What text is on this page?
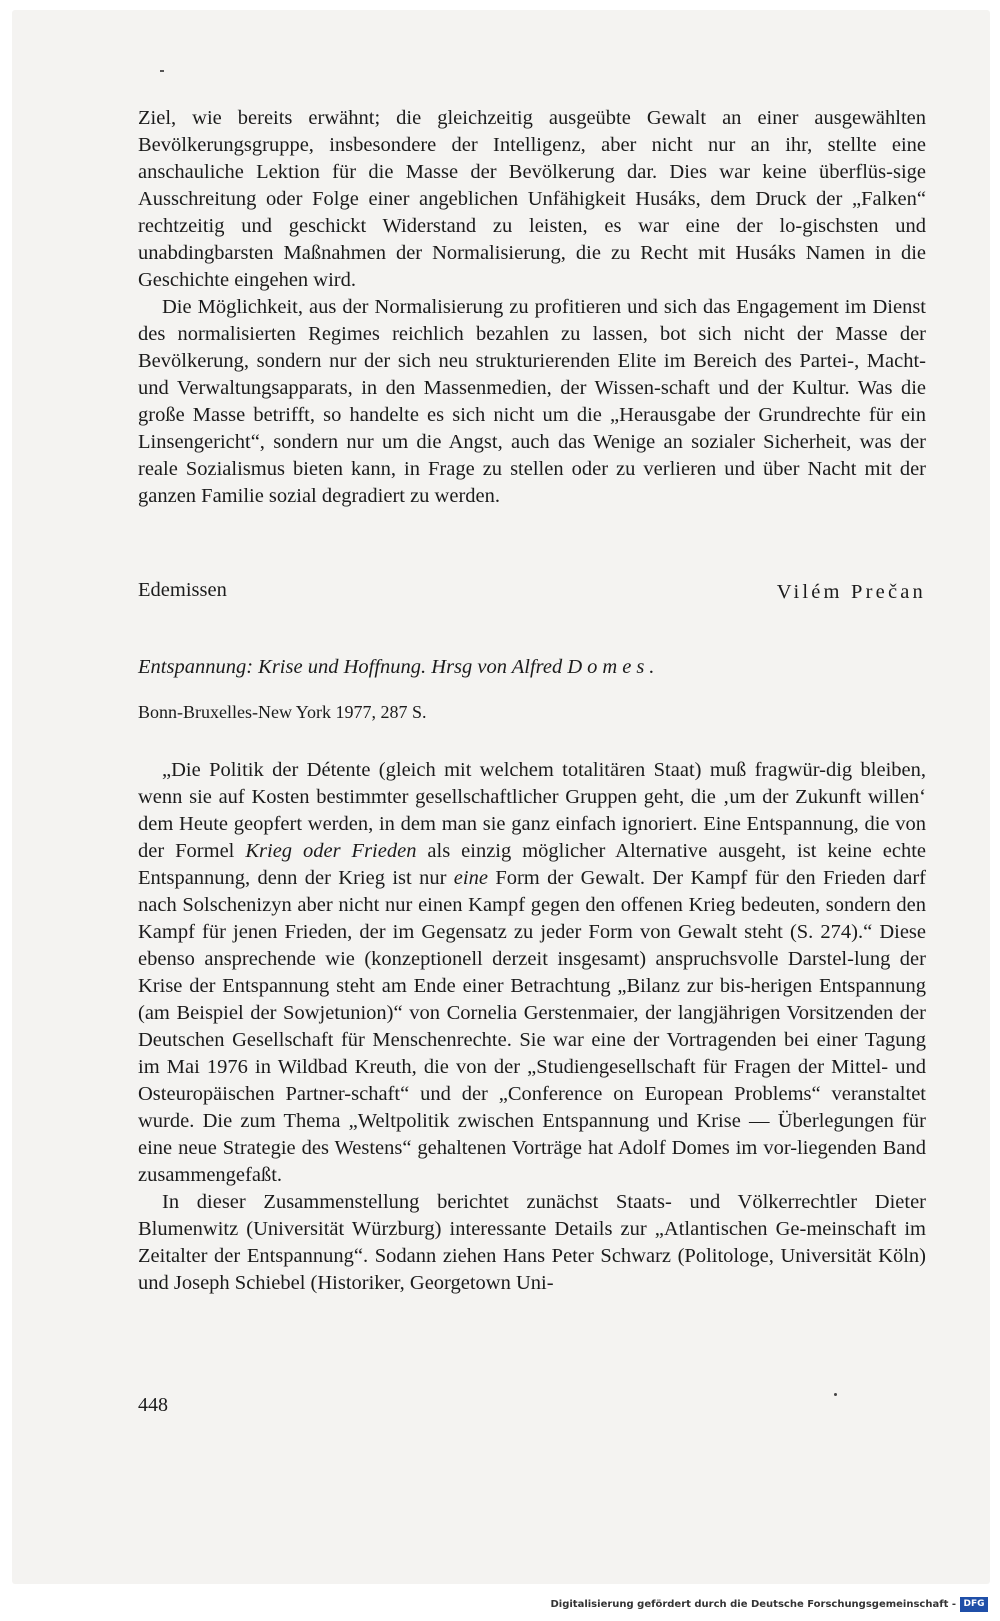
Ziel, wie bereits erwähnt; die gleichzeitig ausgeübte Gewalt an einer ausgewählten Bevölkerungsgruppe, insbesondere der Intelligenz, aber nicht nur an ihr, stellte eine anschauliche Lektion für die Masse der Bevölkerung dar. Dies war keine überflüs-sige Ausschreitung oder Folge einer angeblichen Unfähigkeit Husáks, dem Druck der „Falken“ rechtzeitig und geschickt Widerstand zu leisten, es war eine der lo-gischsten und unabdingbarsten Maßnahmen der Normalisierung, die zu Recht mit Husáks Namen in die Geschichte eingehen wird.

Die Möglichkeit, aus der Normalisierung zu profitieren und sich das Engagement im Dienst des normalisierten Regimes reichlich bezahlen zu lassen, bot sich nicht der Masse der Bevölkerung, sondern nur der sich neu strukturierenden Elite im Bereich des Partei-, Macht- und Verwaltungsapparats, in den Massenmedien, der Wissen-schaft und der Kultur. Was die große Masse betrifft, so handelte es sich nicht um die „Herausgabe der Grundrechte für ein Linsengericht“, sondern nur um die Angst, auch das Wenige an sozialer Sicherheit, was der reale Sozialismus bieten kann, in Frage zu stellen oder zu verlieren und über Nacht mit der ganzen Familie sozial degradiert zu werden.

Edemissen	Vilém Prečan
Entspannung: Krise und Hoffnung. Hrsg von Alfred Domes.
Bonn-Bruxelles-New York 1977, 287 S.

„Die Politik der Détente (gleich mit welchem totalitären Staat) muß fragwür-dig bleiben, wenn sie auf Kosten bestimmter gesellschaftlicher Gruppen geht, die ‚um der Zukunft willen‘ dem Heute geopfert werden, in dem man sie ganz einfach ignoriert. Eine Entspannung, die von der Formel Krieg oder Frieden als einzig möglicher Alternative ausgeht, ist keine echte Entspannung, denn der Krieg ist nur eine Form der Gewalt. Der Kampf für den Frieden darf nach Solschenizyn aber nicht nur einen Kampf gegen den offenen Krieg bedeuten, sondern den Kampf für jenen Frieden, der im Gegensatz zu jeder Form von Gewalt steht (S. 274).“ Diese ebenso ansprechende wie (konzeptionell derzeit insgesamt) anspruchsvolle Darstel-lung der Krise der Entspannung steht am Ende einer Betrachtung „Bilanz zur bis-herigen Entspannung (am Beispiel der Sowjetunion)“ von Cornelia Gerstenmaier, der langjährigen Vorsitzenden der Deutschen Gesellschaft für Menschenrechte. Sie war eine der Vortragenden bei einer Tagung im Mai 1976 in Wildbad Kreuth, die von der „Studiengesellschaft für Fragen der Mittel- und Osteuropäischen Partner-schaft“ und der „Conference on European Problems“ veranstaltet wurde. Die zum Thema „Weltpolitik zwischen Entspannung und Krise — Überlegungen für eine neue Strategie des Westens“ gehaltenen Vorträge hat Adolf Domes im vor-liegenden Band zusammengefaßt.

In dieser Zusammenstellung berichtet zunächst Staats- und Völkerrechtler Dieter Blumenwitz (Universität Würzburg) interessante Details zur „Atlantischen Ge-meinschaft im Zeitalter der Entspannung“. Sodann ziehen Hans Peter Schwarz (Politologe, Universität Köln) und Joseph Schiebel (Historiker, Georgetown Uni-

448
Digitalisierung gefördert durch die Deutsche Forschungsgemeinschaft - DFG
